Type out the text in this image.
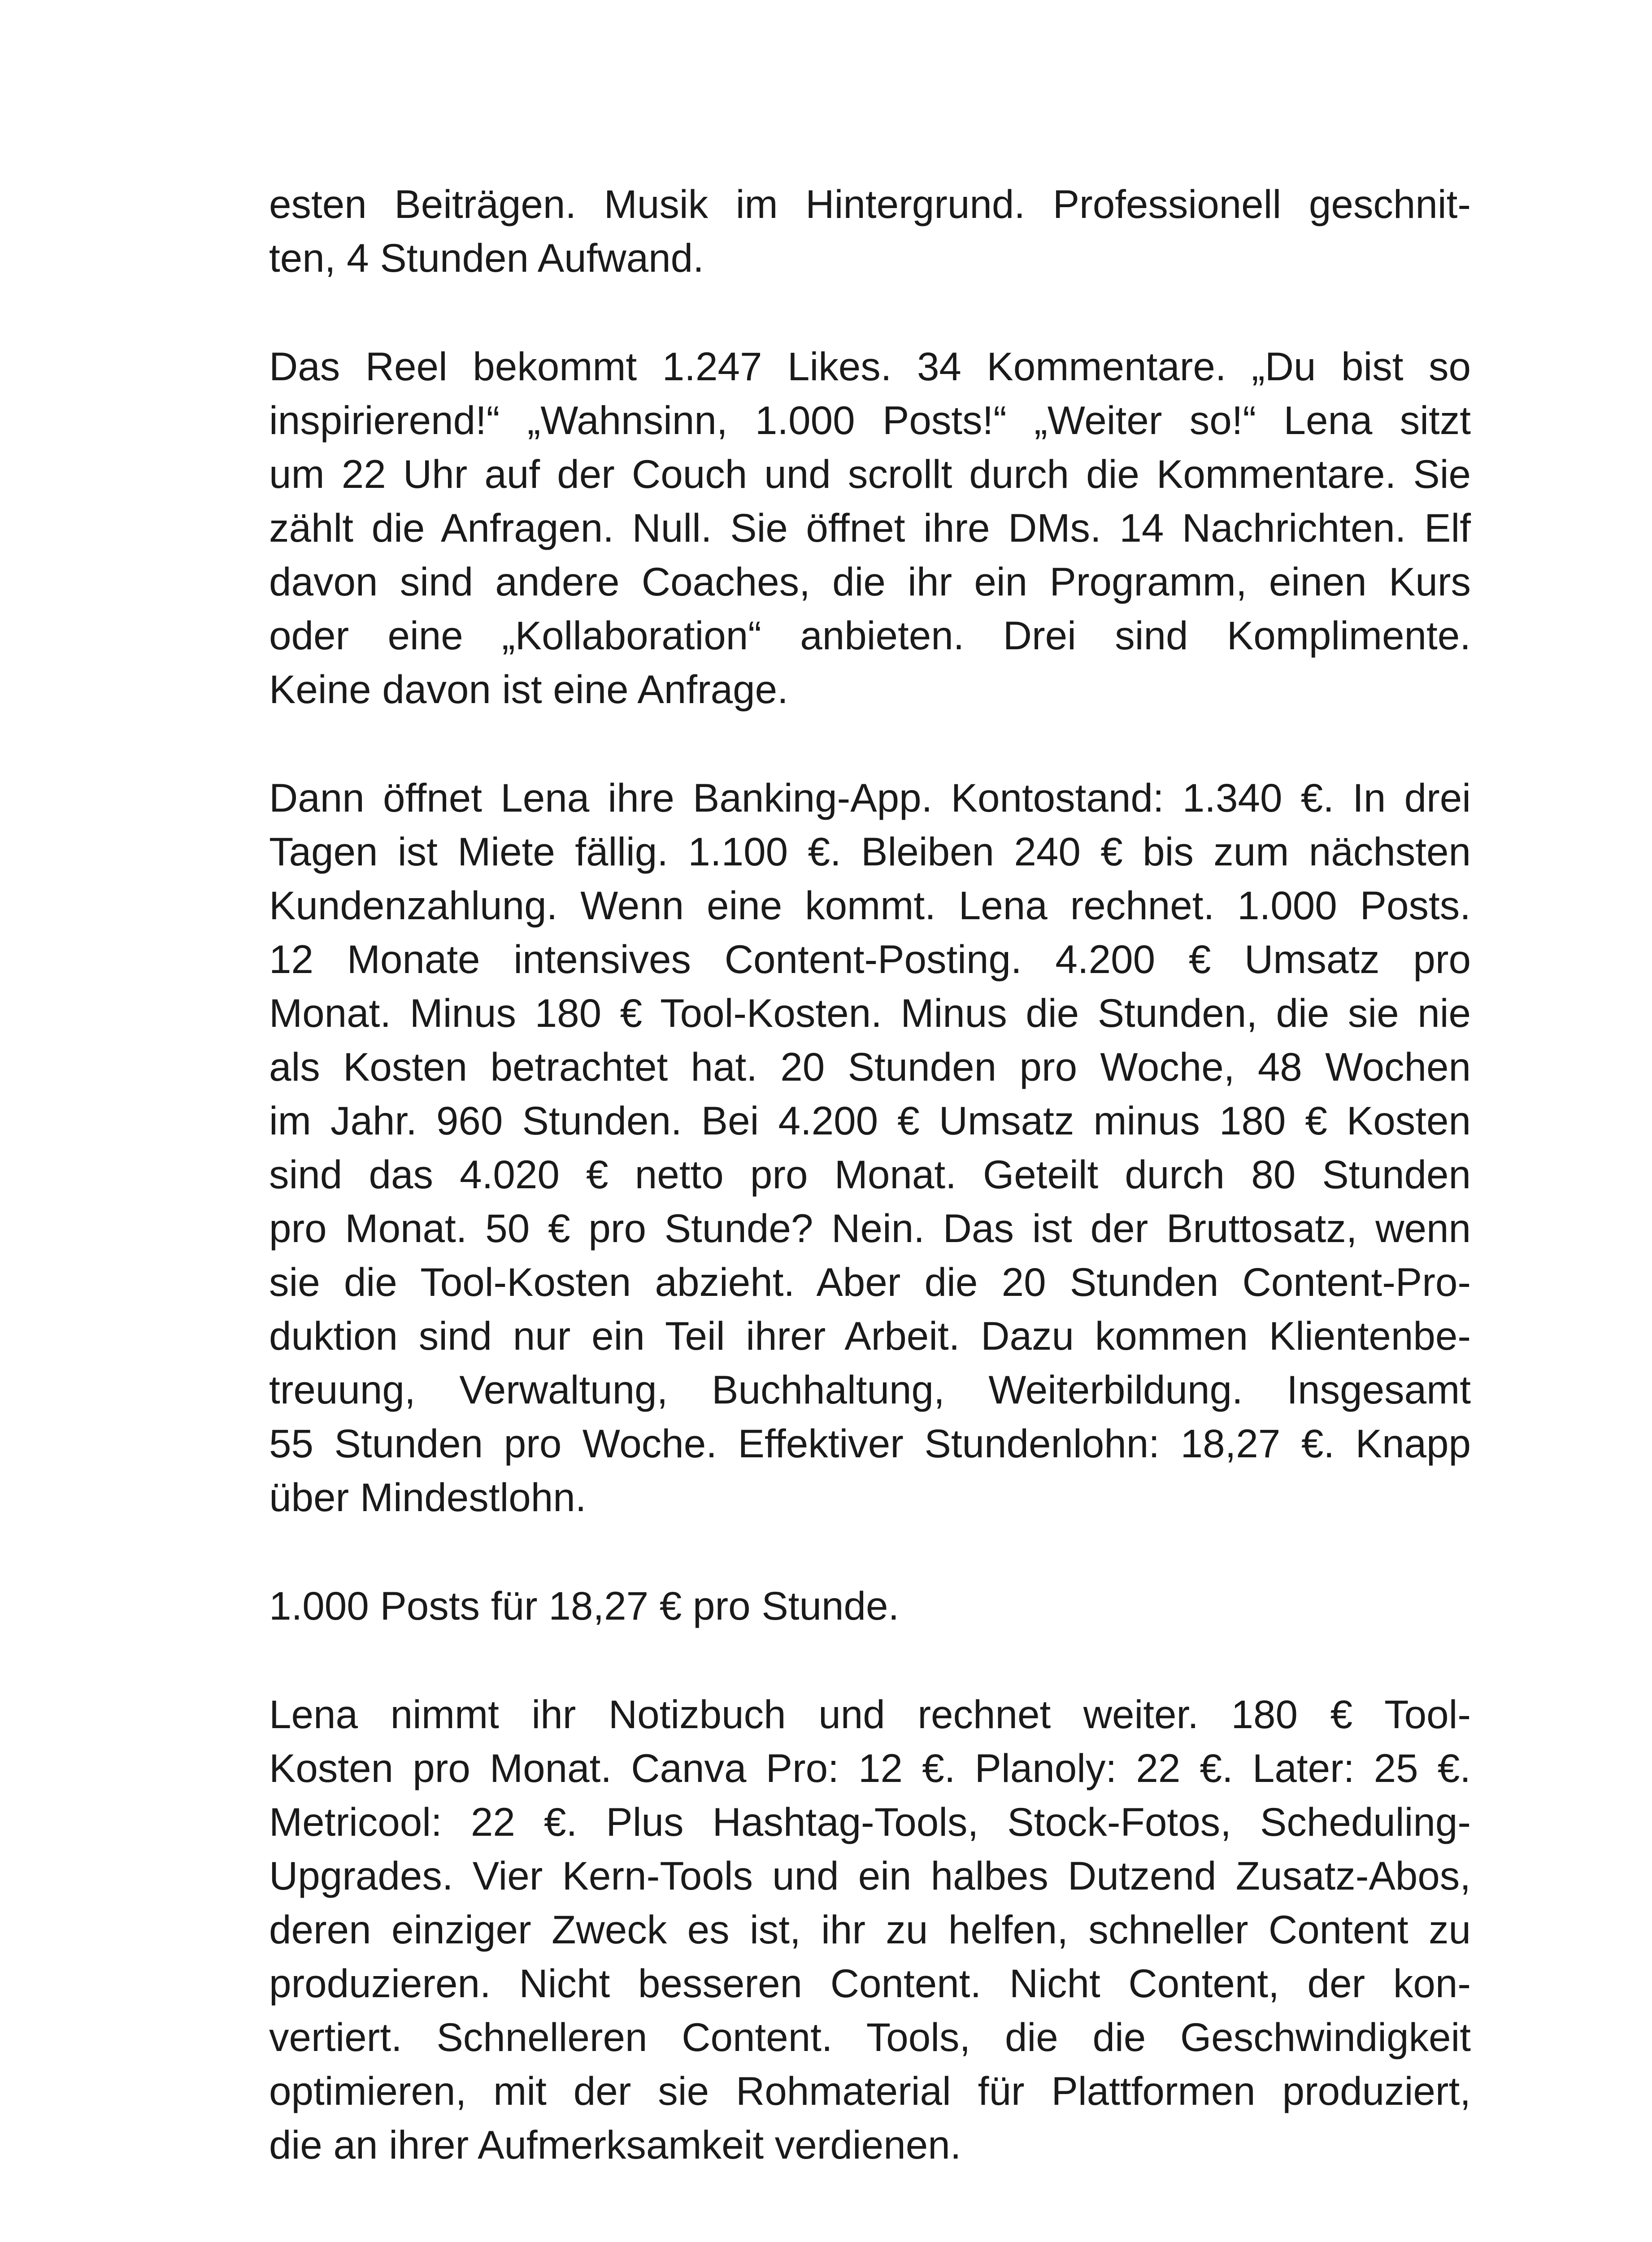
esten Beiträgen. Musik im Hintergrund. Professionell geschnit-
ten, 4 Stunden Aufwand.

Das Reel bekommt 1.247 Likes. 34 Kommentare. „Du bist so
inspirierend!“ „Wahnsinn, 1.000 Posts!“ „Weiter so!“ Lena sitzt
um 22 Uhr auf der Couch und scrollt durch die Kommentare. Sie
zählt die Anfragen. Null. Sie öffnet ihre DMs. 14 Nachrichten. Elf
davon sind andere Coaches, die ihr ein Programm, einen Kurs
oder eine „Kollaboration“ anbieten. Drei sind Komplimente.
Keine davon ist eine Anfrage.

Dann öffnet Lena ihre Banking-App. Kontostand: 1.340 €. In drei
Tagen ist Miete fällig. 1.100 €. Bleiben 240 € bis zum nächsten
Kundenzahlung. Wenn eine kommt. Lena rechnet. 1.000 Posts.
12 Monate intensives Content-Posting. 4.200 € Umsatz pro
Monat. Minus 180 € Tool-Kosten. Minus die Stunden, die sie nie
als Kosten betrachtet hat. 20 Stunden pro Woche, 48 Wochen
im Jahr. 960 Stunden. Bei 4.200 € Umsatz minus 180 € Kosten
sind das 4.020 € netto pro Monat. Geteilt durch 80 Stunden
pro Monat. 50 € pro Stunde? Nein. Das ist der Bruttosatz, wenn
sie die Tool-Kosten abzieht. Aber die 20 Stunden Content-Pro-
duktion sind nur ein Teil ihrer Arbeit. Dazu kommen Klientenbe-
treuung, Verwaltung, Buchhaltung, Weiterbildung. Insgesamt
55 Stunden pro Woche. Effektiver Stundenlohn: 18,27 €. Knapp
über Mindestlohn.

1.000 Posts für 18,27 € pro Stunde.

Lena nimmt ihr Notizbuch und rechnet weiter. 180 € Tool-
Kosten pro Monat. Canva Pro: 12 €. Planoly: 22 €. Later: 25 €.
Metricool: 22 €. Plus Hashtag-Tools, Stock-Fotos, Scheduling-
Upgrades. Vier Kern-Tools und ein halbes Dutzend Zusatz-Abos,
deren einziger Zweck es ist, ihr zu helfen, schneller Content zu
produzieren. Nicht besseren Content. Nicht Content, der kon-
vertiert. Schnelleren Content. Tools, die die Geschwindigkeit
optimieren, mit der sie Rohmaterial für Plattformen produziert,
die an ihrer Aufmerksamkeit verdienen.
